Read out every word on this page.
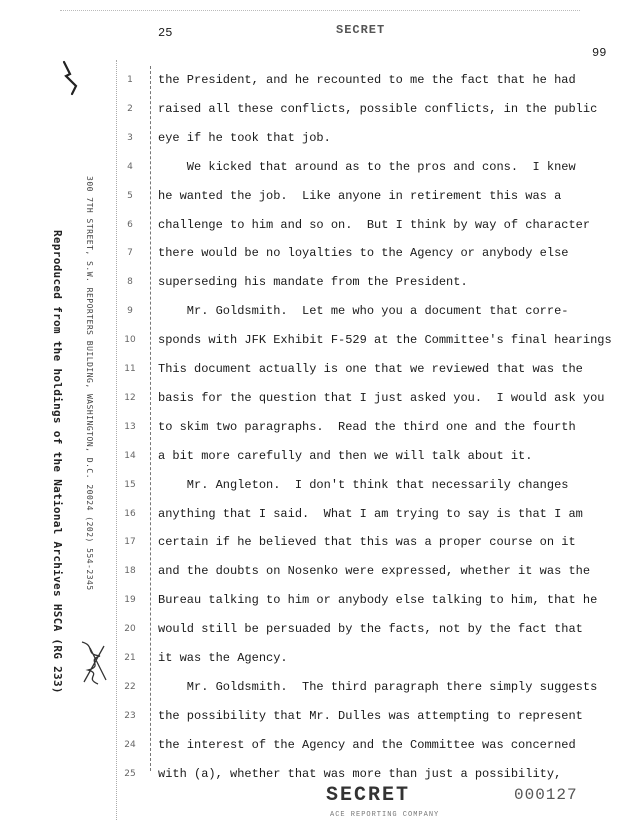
25	SECRET
99
Reproduced from the holdings of the National Archives HSCA (RG 233)	300 7TH STREET, S.W. REPORTERS BUILDING, WASHINGTON, D.C. 20024 (202) 554-2345
1	the President, and he recounted to me the fact that he had
2	raised all these conflicts, possible conflicts, in the public
3	eye if he took that job.
4	We kicked that around as to the pros and cons.  I knew
5	he wanted the job.  Like anyone in retirement this was a
6	challenge to him and so on.  But I think by way of character
7	there would be no loyalties to the Agency or anybody else
8	superseding his mandate from the President.
9	Mr. Goldsmith.  Let me who you a document that corre-
10	sponds with JFK Exhibit F-529 at the Committee's final hearings
11	This document actually is one that we reviewed that was the
12	basis for the question that I just asked you.  I would ask you
13	to skim two paragraphs.  Read the third one and the fourth
14	a bit more carefully and then we will talk about it.
15	Mr. Angleton.  I don't think that necessarily changes
16	anything that I said.  What I am trying to say is that I am
17	certain if he believed that this was a proper course on it
18	and the doubts on Nosenko were expressed, whether it was the
19	Bureau talking to him or anybody else talking to him, that he
20	would still be persuaded by the facts, not by the fact that
21	it was the Agency.
22	Mr. Goldsmith.  The third paragraph there simply suggests
23	the possibility that Mr. Dulles was attempting to represent
24	the interest of the Agency and the Committee was concerned
25	with (a), whether that was more than just a possibility,
SECRET	000127
ACE REPORTING COMPANY
